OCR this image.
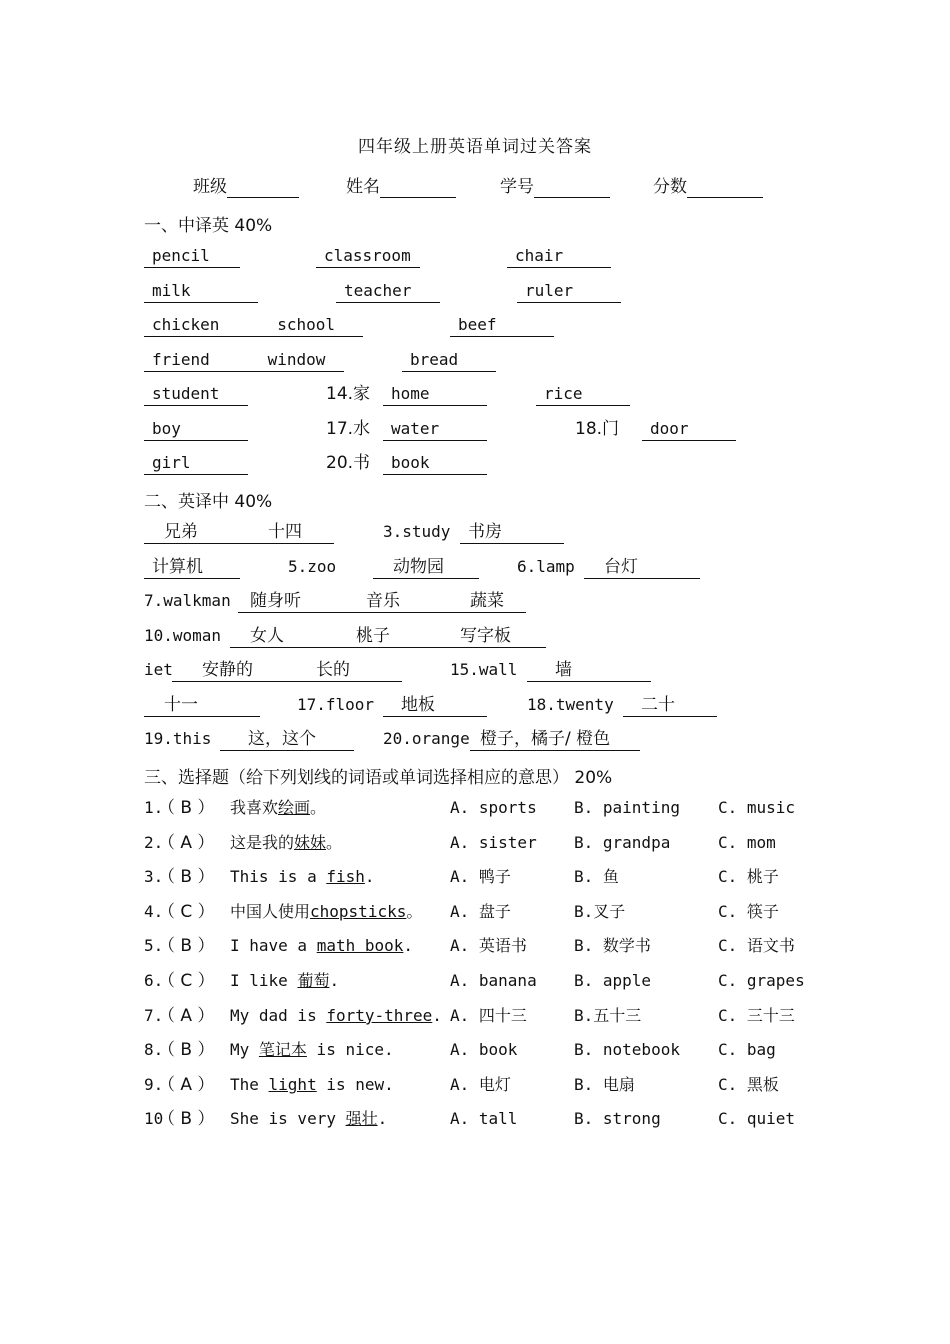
四年级上册英语单词过关答案
班级	姓名	学号	分数
一、中译英 40%
pencil	classroom	chair
milk	teacher	ruler
chicken      school	beef
friend      window	bread
student	14.家	home	rice
boy	17.水	water	18.门	door
girl	20.书	book
二、英译中 40%
兄弟	十四	3.study	书房
计算机	5.zoo	动物园	6.lamp	台灯
7.walkman 随身听	音乐	蔬菜
10.woman 女人	桃子	写字板
iet 安静的	长的	15.wall	墙
十一	17.floor	地板	18.twenty	二十
19.this	这，这个	20.orange 橙子，橘子/ 橙色
三、选择题（给下列划线的词语或单词选择相应的意思） 20%
1.
（ B ） 我喜欢绘画。	A. sports B. painting C. music
2.
（ A ） 这是我的妹妹。	A. sister B. grandpa	C. mom
3.
（ B ） This is a fish.	A. 鸭子	B. 鱼	C. 桃子
4.
（ C ） 中国人使用chopsticks。 A. 盘子	B.叉子	C. 筷子
5.
（ B ） I have a math book. A. 英语书	B. 数学书	C. 语文书
6.
（ C ） I like 葡萄.	A. banana B. apple	C. grapes
7.
（ A ） My dad is forty-three. A. 四十三	B.五十三	C. 三十三
8.
（ B ） My 笔记本 is nice.	A. book	B. notebook C. bag
9.
（ A ） The light is new.	A. 电灯	B. 电扇	C. 黑板
10
（ B ） She is very 强壮.	A. tall	B. strong	C. quiet
